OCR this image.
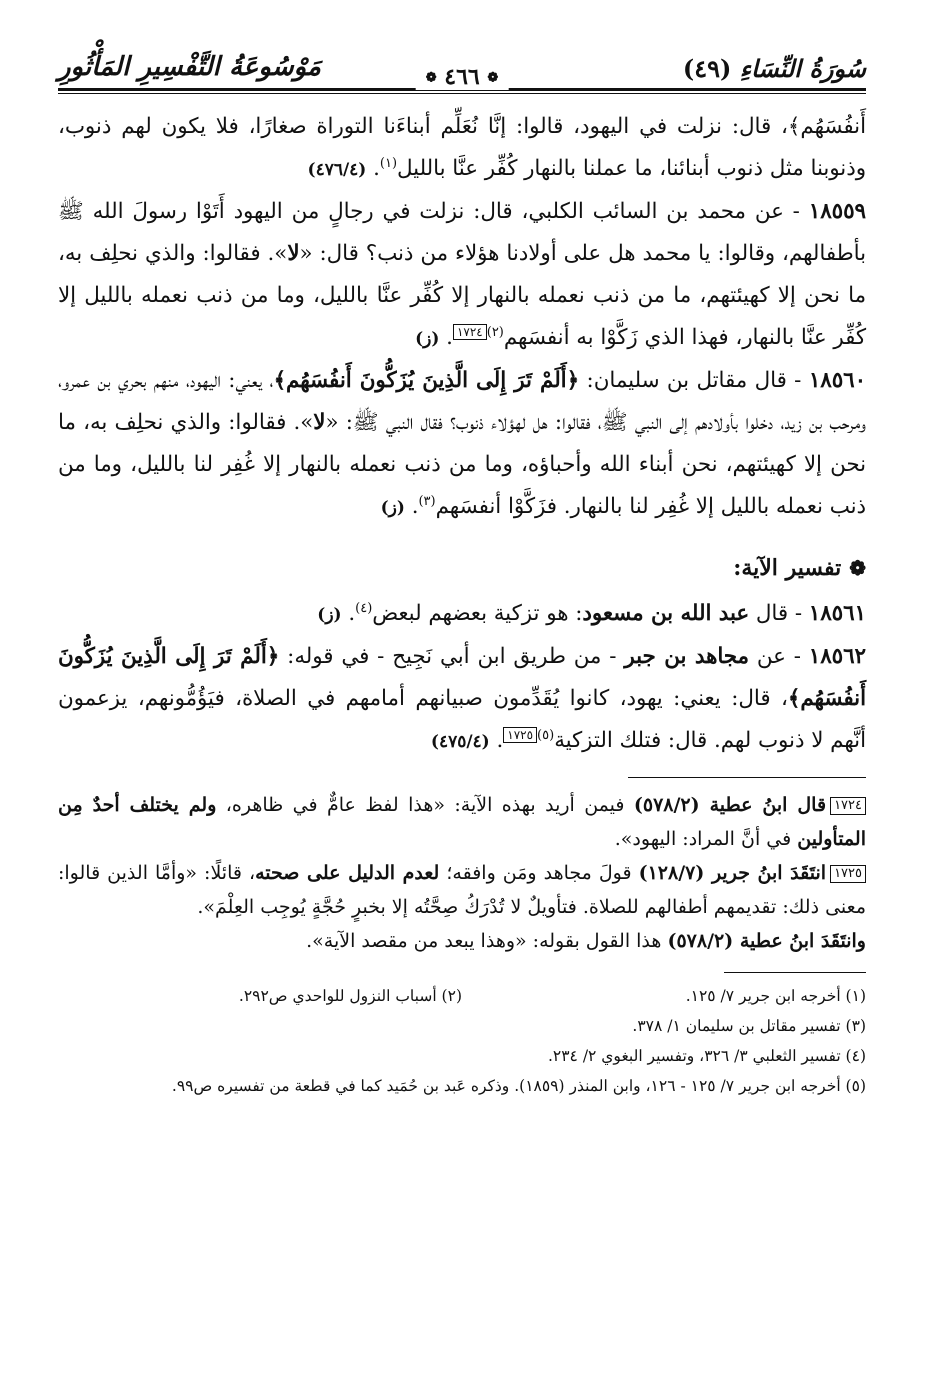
سُورَةُ النِّسَاءِ (٤٩)
❁ ٤٦٦ ❁
مَوْسُوعَةُ التَّفْسِيرِ المَأْثُورِ

أَنفُسَهُم﴾، قال: نزلت في اليهود، قالوا: إنَّا نُعَلِّم أبناءَنا التوراة صغارًا، فلا يكون لهم ذنوب، وذنوبنا مثل ذنوب أبنائنا، ما عملنا بالنهار كُفِّر عنَّا بالليل$^{(١)}$. (٤٧٦/٤)

١٨٥٥٩ - عن محمد بن السائب الكلبي، قال: نزلت في رجالٍ من اليهود أَتَوْا رسولَ الله ﷺ بأطفالهم، وقالوا: يا محمد هل على أولادنا هؤلاء من ذنب؟ قال: «لا». فقالوا: والذي نحلِف به، ما نحن إلا كهيئتهم، ما من ذنب نعمله بالنهار إلا كُفِّر عنَّا بالليل، وما من ذنب نعمله بالليل إلا كُفِّر عنَّا بالنهار، فهذا الذي زَكَّوْا به أنفسَهم$^{(٢)}$١٧٢٤. (ز)

١٨٥٦٠ - قال مقاتل بن سليمان: ﴿أَلَمْ تَرَ إِلَى الَّذِينَ يُزَكُّونَ أَنفُسَهُم﴾، يعني: اليهود، منهم بحري بن عمرو، ومرحب بن زيد، دخلوا بأولادهم إلى النبي ﷺ، فقالوا: هل لهؤلاء ذنوب؟ فقال النبي ﷺ: «لا». فقالوا: والذي نحلِف به، ما نحن إلا كهيئتهم، نحن أبناء الله وأحباؤه، وما من ذنب نعمله بالنهار إلا غُفِر لنا بالليل، وما من ذنب نعمله بالليل إلا غُفِر لنا بالنهار. فزَكَّوْا أنفسَهم$^{(٣)}$. (ز)

❁تفسير الآية:

١٨٥٦١ - قال عبد الله بن مسعود: هو تزكية بعضهم لبعض$^{(٤)}$. (ز)

١٨٥٦٢ - عن مجاهد بن جبر - من طريق ابن أبي نَجِيح - في قوله: ﴿أَلَمْ تَرَ إِلَى الَّذِينَ يُزَكُّونَ أَنفُسَهُم﴾، قال: يعني: يهود، كانوا يُقَدِّمون صبيانهم أمامهم في الصلاة، فيَؤُمُّونهم، يزعمون أنَّهم لا ذنوب لهم. قال: فتلك التزكية$^{(٥)}$١٧٢٥. (٤٧٥/٤)

١٧٢٤قال ابنُ عطية (٥٧٨/٢) فيمن أريد بهذه الآية: «هذا لفظ عامٌّ في ظاهره، ولم يختلف أحدٌ مِن المتأولين في أنَّ المراد: اليهود».

١٧٢٥انتَقَدَ ابنُ جرير (١٢٨/٧) قولَ مجاهد ومَن وافقه؛ لعدم الدليل على صحته، قائلًا: «وأمَّا الذين قالوا: معنى ذلك: تقديمهم أطفالهم للصلاة. فتأويلٌ لا تُدْرَكُ صِحَّتُه إلا بخبرٍ حُجَّةٍ يُوجِب العِلْمَ».

وانتَقَدَ ابنُ عطية (٥٧٨/٢) هذا القول بقوله: «وهذا يبعد من مقصد الآية».

(١) أخرجه ابن جرير ٧/ ١٢٥.
(٢) أسباب النزول للواحدي ص٢٩٢.

(٣) تفسير مقاتل بن سليمان ١/ ٣٧٨.

(٤) تفسير الثعلبي ٣/ ٣٢٦، وتفسير البغوي ٢/ ٢٣٤.

(٥) أخرجه ابن جرير ٧/ ١٢٥ - ١٢٦، وابن المنذر (١٨٥٩). وذكره عَبد بن حُمَيد كما في قطعة من تفسيره ص٩٩.
